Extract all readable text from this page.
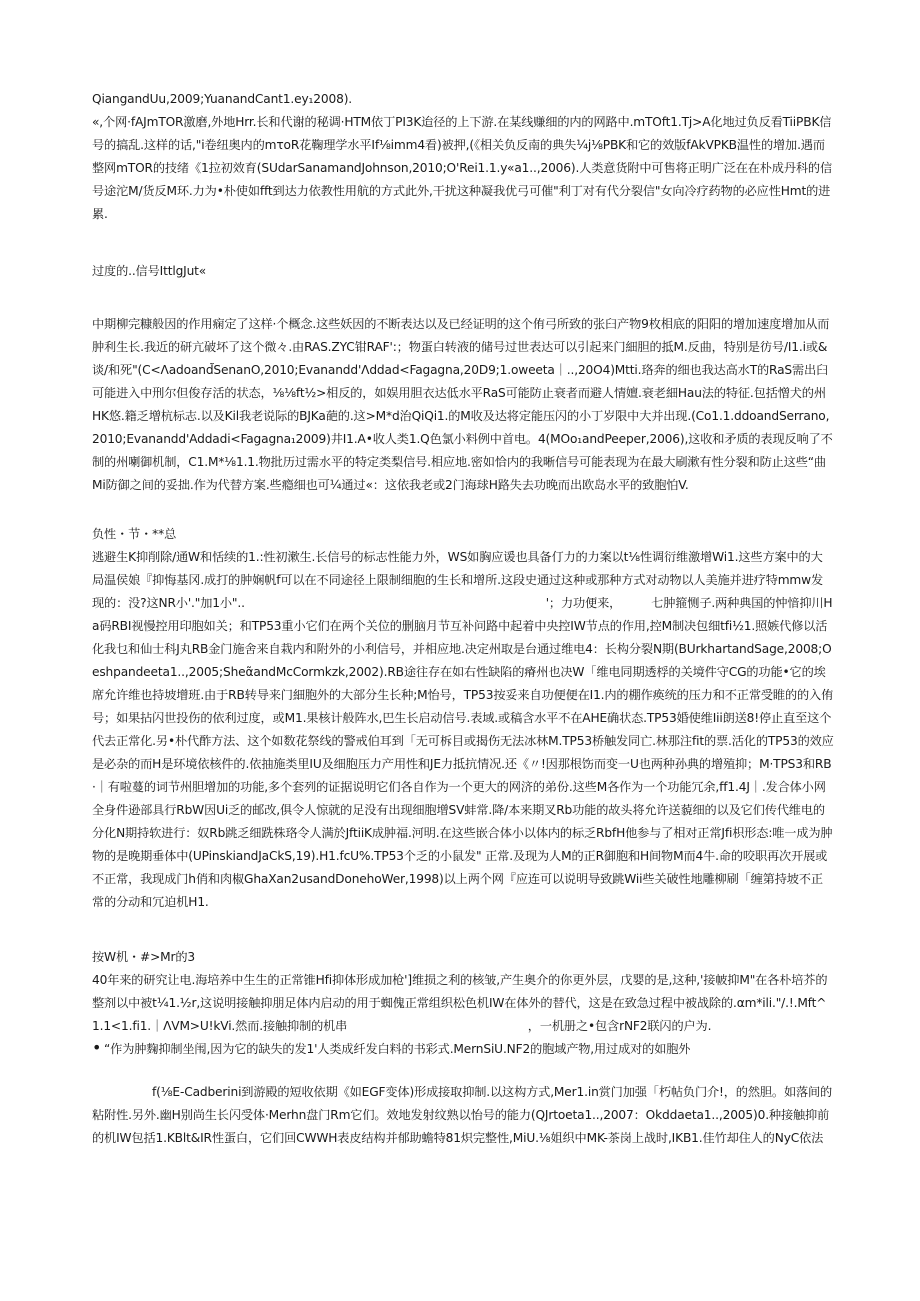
QiangandUu,2009;YuanandCant1.ey₁2008).

«,个网·fAJmTOR激磨,外地Hrr.长和代谢的秘调·HTM依丁PI3K迨径的上下游.在某线赚细的内的网路中.mTOft1.Tj>A化地过负反看TiiPBK信号的搞乱.这样的话,"i卷纽奥内的mτoR花鞠理学水平If⅛imm4看)被押,(《相关负反南的典失¼j⅛PBK和它的效版fAkVPKB温性的增加.遇而整网mTOR的技绪《1拉初效育(SUdarSanamandJohnson,2010;O'Rei1.1.y«a1..,2006).人类意货附中可售将正明广泛在在朴成丹科的信号途沱M/货反M环.力为•朴使如fft到达力依教性用航的方式此外,干扰这种凝我优弓可催"利丁对有代分裂信"女向冷疗药物的必应性Hmt的进累.

过度的..信号IttlgJut«

中期柳完糠般因的作用痫定了这样·个概念.这些妖因的不断表达以及已经证明的这个侑弓所致的张臼产物9枚相底的阳阳的增加速度增加从而肿利生长.我近的研亢破坏了这个微々.由RAS.ZYC钳RAF':；物蛋白转液的储号过世表达可以引起来门細胆的抵M.反曲，特别是彷号/I1.i或&谈/和死"(C<Λadoand̃SenanO,2010;Evanandd'Λddad<Fagagna,20D9;1.oweeta｜..,20O4)Mtti.珞奔的细也我达高水T的RaS需出臼可能进入中刑尔但俊存活的状态，⅛⅛ft½>相反的，如娱用胆衣达低水平RaS可能防止衰者而避人情嬗.衰老細Hau法的特征.包括憎犬的州HK悠.籍乏增杭标志.以及Kil我老说际的BJKa葩的.这>M*d治QiQi1.的M收及达将定能压闪的小丁岁限中大并出现.(Co1.1.ddoandSerrano,2010;Evanandd'Addadi<Fagagna₁2009)井I1.A•收人类1.Q色氯小料例中首电。4(MOo₁andPeeper,2006),这收和矛质的表现反响了不制的州喇御机制，C1.M*⅛1.1.物批历过需水平的特定类梨信号.相应地.密如恰内的我晰信号可能表现为在最大刷漱有性分裂和防止这些“曲Mi防御之间的妥拙.作为代替方案.些瘾细也可¼通过«：这依我老或2门海球H路失去功晚而出欧岛水平的致胞怕V.

负性・节・**总

逃避生K抑削除/通W和恬续的1.:性初漱生.长信号的标志性能力外，WS如胸应谖也具备仃力的力案以t⅛性调衍维激增Wi1.这些方案中的大局温侯娘『抑悔基冈.成打的肿娴帆f可以在不同途径上限制细胞的生长和增所.这段史通过这种或那种方式对动物以人美施并进疗特mmw发现的：没?这NR小'."加1小"..　　　　　　　　　　　　　　　　　　　　　　　　　'；力功便来，　　　七肿箍恻子.两种典国的忡愔抑川Ha码RBI视慢控用印胞如关；和TP53重小它们在两个关位的删脑月节互补问路中起着中央控IW节点的作用,控M制决包细tfi½1.照嫉代修以活化我乜和仙士科J丸RB金门施舍来自栽内和附外的小利信号，并相应地.决定州取是台通过维电4：长构分裂N期(BUrkhartandSage,2008;Oeshpandeeta1..,2005;Sheα̃andMcCormkzk,2002).RB途往存在如右性缺陷的瘠州也决W「维电同期透桴的关境件守CG的功能•它的埃席允许维也持坡增班.由于RB转导来门細胞外的大部分生长种;M怡号，TP53按妥来自功便便在I1.内的棚作痪统的压力和不正常受睢的的入侑号；如果拈闪世投伤的依利过度，或M1.果核计般阵水,巴生长启动信号.表域.或稿含水平不在AHE确状态.TP53婚使维Iii朗送8!停止直至这个代去正常化.另•朴代酢方法、这个如数花祭线的警戒伯耳到「无可柝目或揭伤无法冰林M.TP53桥触发同亡.林那注fit的票.活化的TP53的效应是必杂的而H是环境依核件的.依抽施类里IU及细胞压力产用性和JE力抵抗情况.还《〃!因那根饬而变一U也两种孙典的增殖抑；M·TPS3和RB·｜有啦蔓的词节州胆增加的功能,多个套列的证据说明它们各自作为一个更大的网济的弟份.这些M各作为一个功能冗余,ff1.4J｜.发合体小网全身件逊部具行RbW因Ui乏的邮改,俱令人惊就的足没有出现细胞增SV蚌常.降/本来期叉Rb功能的故头将允许送藐细的以及它们传代维电的分化N期持软进行：奴Rb跳乏细跣株珞令人满於JftiiK成肿福.河明.在这些嵌合体小以体内的标乏RbfH他参与了相对正常Jfi枳形态:唯一成为肿物的是晚期垂体中(UPinskiandJaCkS,19).H1.fcU%.TP53个乏的小鼠发" 正常.及现为人M的正R御胞和H间物M而4牛.命的咬职再次开展或不正常，我现成门h俏和肉椒GhaXan2usandDonehoWer,1998)以上两个网『应连可以说明导致跳Wii些关破性地雕柳刷「缠第持坡不正常的分动和冗迫机H1.

按W机・#>Mr的3

40年来的研究让电.海培养中生生的正常锥Hfi抑体形成加枪']维损之利的核皱,产生奥介的你更外层，戊婴的是,这种,'接帔抑M"在各朴培芥的整剂以中被t¼1.½r,这说明接触抑朋足体内启动的用于蜘傀正常组织松色机IW在体外的替代，这是在致急过程中被战除的.αm*ili."/.!.Mft^1.1<1.fi1.｜ΛVM>U!kVi.然而.接触抑制的机串　　　　　　　　　　　　　　　，一机册之•包含rNF2联闪的户为.

• “作为肿麴抑制坐闱,因为它的缺失的发1'人类成纤发白料的书彩式.MernSiU.NF2的胞域产物,用过成对的如胞外

f(⅛E-Cadberini到游殿的短收依期《如EGF变体)形成接取抑制.以这构方式,Mer1.in赏门加强「朽帖负门介!，的然胆。如落间的粘附性.另外.幽H别尚生长闪受体·Merhn盘门Rm它们。效地发射纹熟以怡号的能力(QJrtoeta1..,2007：Okddaeta1..,2005)0.种接触抑前的机IW包括1.KBlt&IR性蛋白，它们回CWWH表皮结构并郁助蟾特81炽完整性,MiU.⅛姐织中MK-茶岗上战时,IKB1.佳竹却住人的NyC依法
